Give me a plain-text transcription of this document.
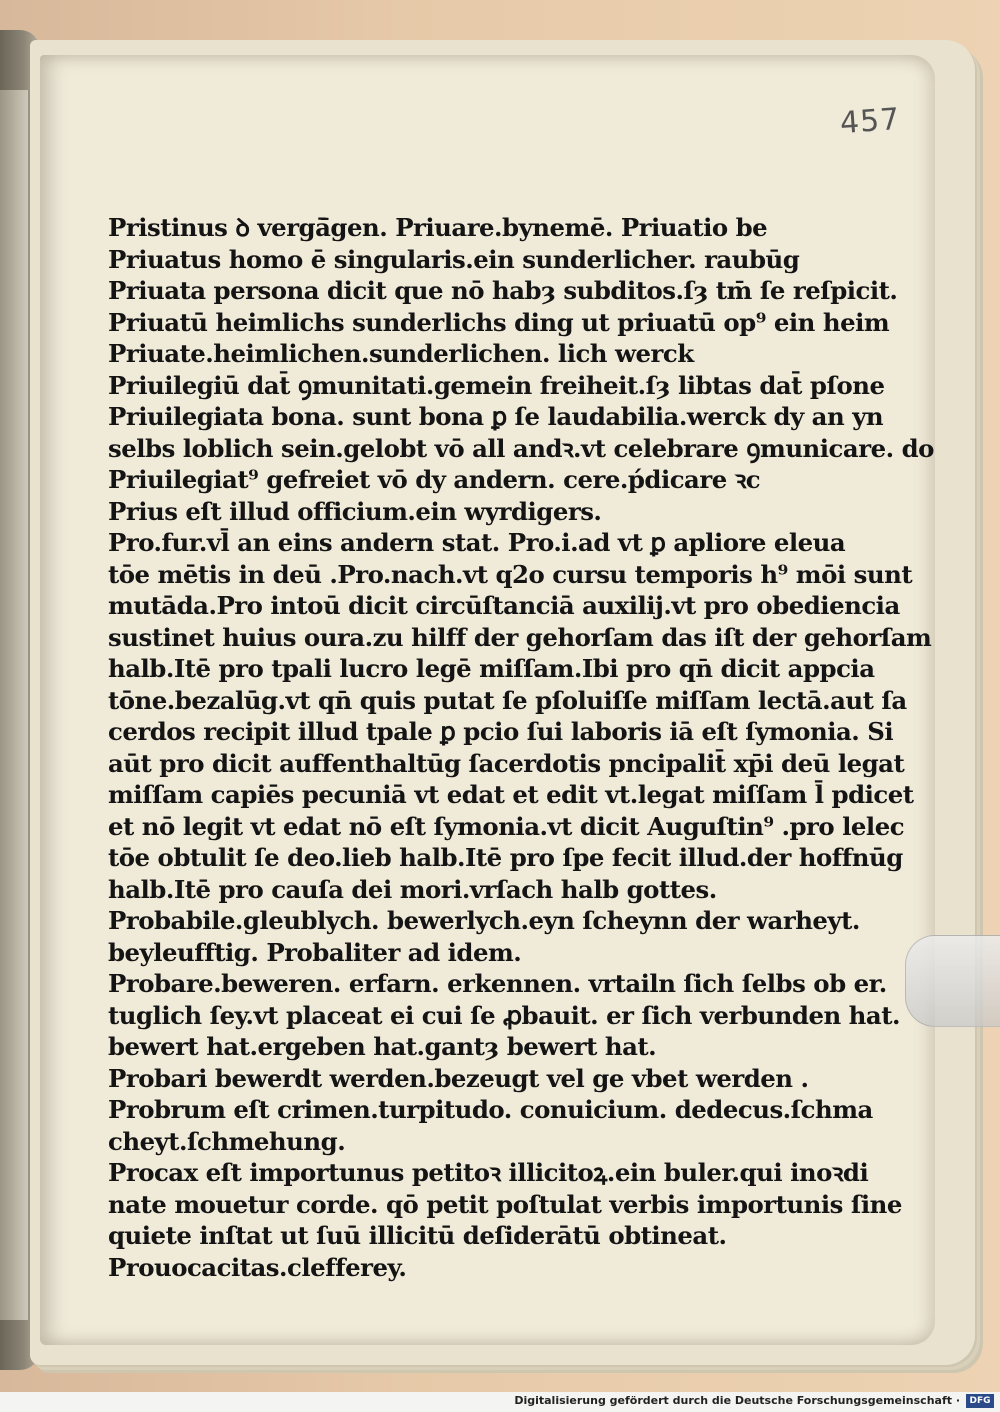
457
Pristinus ꝺ vergā̄gen. Priuare.bynemē. Priuatio be
Priuatus homo ē singularis.ein sunderlicher. raubūg
Priuata persona dicit que nō habȝ subditos.ſȝ tm̄ ſe reſpicit.
Priuatū heimlichs sunderlichs ding ut priuatū op⁹ ein heim
Priuate.heimlichen.sunderlichen. lich werck
Priuilegiū dat̄ ꝯmunitati.gemein freiheit.ſȝ libtas dat̄ pſone
Priuilegiata bona. sunt bona ꝑ ſe laudabilia.werck dy an yn
selbs loblich sein.gelobt vō all andꝛ.vt celebrare ꝯmunicare. do
Priuilegiat⁹ gefreiet vō dy andern. cere.ṕdicare ꝛc
Prius eſt illud officium.ein wyrdigers.
Pro.fur.vl̄ an eins andern stat. Pro.i.ad vt ꝑ apliore eleua
tōe mētis in deū .Pro.nach.vt q2o cursu temporis h⁹ mōi sunt
mutāda.Pro intoū dicit circūſtanciā auxilij.vt pro obediencia
sustinet huius oura.zu hilff der gehorſam das iſt der gehorſam
halb.Itē pro tpali lucro legē miſſam.Ibi pro qn̄ dicit appcia
tōne.bezalūg.vt qn̄ quis putat ſe pſoluiſſe miſſam lectā.aut ſa
cerdos recipit illud tpale ꝑ pcio ſui laboris iā eſt ſymonia. Si
aūt pro dicit auffenthaltūg ſacerdotis pncipalit̄ xp̄i deū legat
miſſam capiēs pecuniā vt edat et edit vt.legat miſſam l̄ pdicet
et nō legit vt edat nō eſt ſymonia.vt dicit Auguſtin⁹ .pro lelec
tōe obtulit ſe deo.lieb halb.Itē pro ſpe fecit illud.der hoffnūg
halb.Itē pro cauſa dei mori.vrſach halb gottes.
Probabile.gleublych. bewerlych.eyn ſcheynn der warheyt.
beyleufftig. Probaliter ad idem.
Probare.beweren. erfarn. erkennen. vrtailn ſich ſelbs ob er.
tuglich ſey.vt placeat ei cui ſe ꝓbauit. er ſich verbunden hat.
bewert hat.ergeben hat.gantȝ bewert hat.
Probari bewerdt werden.bezeugt vel ge vbet werden .
Probrum eſt crimen.turpitudo. conuicium. dedecus.ſchma
cheyt.ſchmehung.
Procax eſt importunus petitoꝛ illicitoꝝ.ein buler.qui inoꝛdi
nate mouetur corde. qō petit poſtulat verbis importunis ſine
quiete inſtat ut ſuū illicitū deſiderātū obtineat.
Prouocacitas.clefferey.
Digitalisierung gefördert durch die Deutsche Forschungsgemeinschaft ·	DFG
